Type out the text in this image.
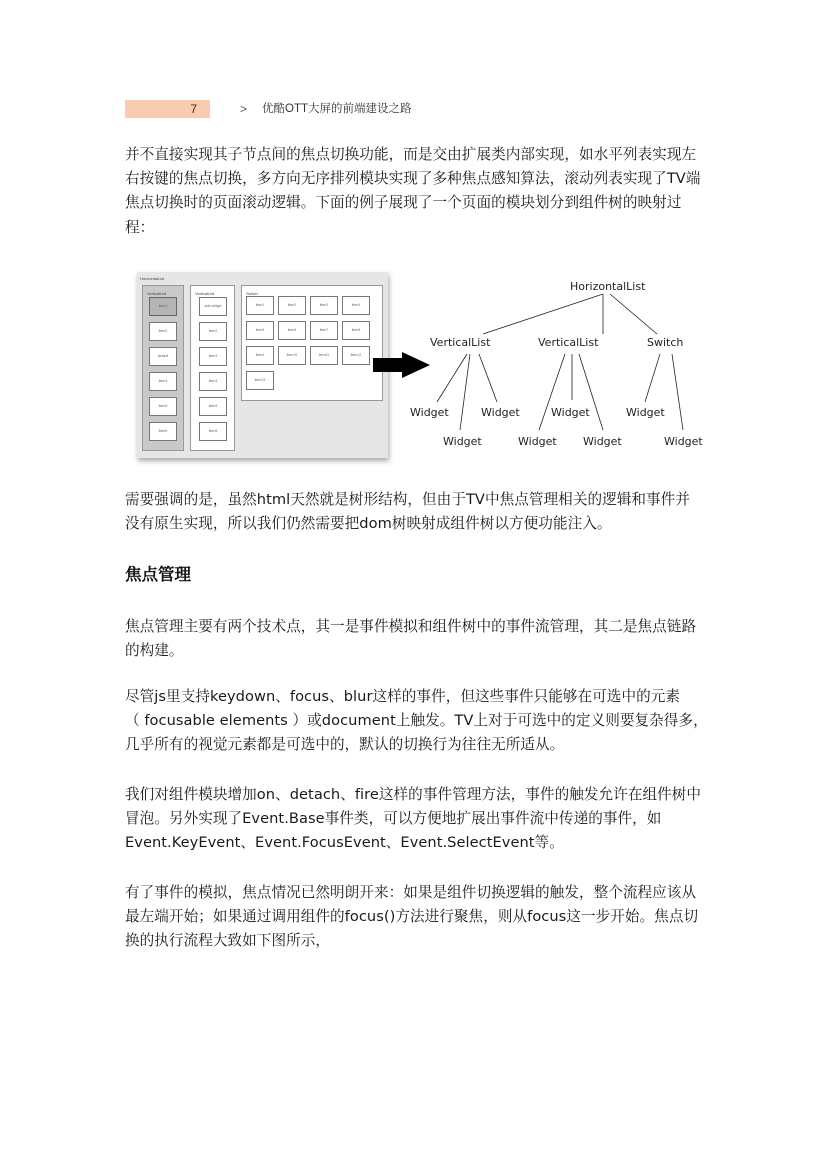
7	> 优酷OTT大屏的前端建设之路
并不直接实现其子节点间的焦点切换功能，而是交由扩展类内部实现，如水平列表实现左
右按键的焦点切换，多方向无序排列模块实现了多种焦点感知算法，滚动列表实现了TV端
焦点切换时的页面滚动逻辑。下面的例子展现了一个页面的模块划分到组件树的映射过
程：
HorizontalList
VerticalList
item1
item2
default
item4
item5
item6
VerticalList
add widget
item2
item3
item4
item5
item6
Switch
item1	item2	item3	item4
item5	item6	item7	item8
item9	item10	item11	item12
item13
HorizontalList
VerticalList	VerticalList	Switch
Widget
Widget
Widget
Widget
Widget
Widget
Widget
Widget
需要强调的是，虽然html天然就是树形结构，但由于TV中焦点管理相关的逻辑和事件并
没有原生实现，所以我们仍然需要把dom树映射成组件树以方便功能注入。
焦点管理
焦点管理主要有两个技术点，其一是事件模拟和组件树中的事件流管理，其二是焦点链路
的构建。
尽管js里支持keydown、focus、blur这样的事件，但这些事件只能够在可选中的元素
（ focusable elements ）或document上触发。TV上对于可选中的定义则要复杂得多，
几乎所有的视觉元素都是可选中的，默认的切换行为往往无所适从。
我们对组件模块增加on、detach、fire这样的事件管理方法，事件的触发允许在组件树中
冒泡。另外实现了Event.Base事件类，可以方便地扩展出事件流中传递的事件，如
Event.KeyEvent、Event.FocusEvent、Event.SelectEvent等。
有了事件的模拟，焦点情况已然明朗开来：如果是组件切换逻辑的触发，整个流程应该从
最左端开始；如果通过调用组件的focus()方法进行聚焦，则从focus这一步开始。焦点切
换的执行流程大致如下图所示，
